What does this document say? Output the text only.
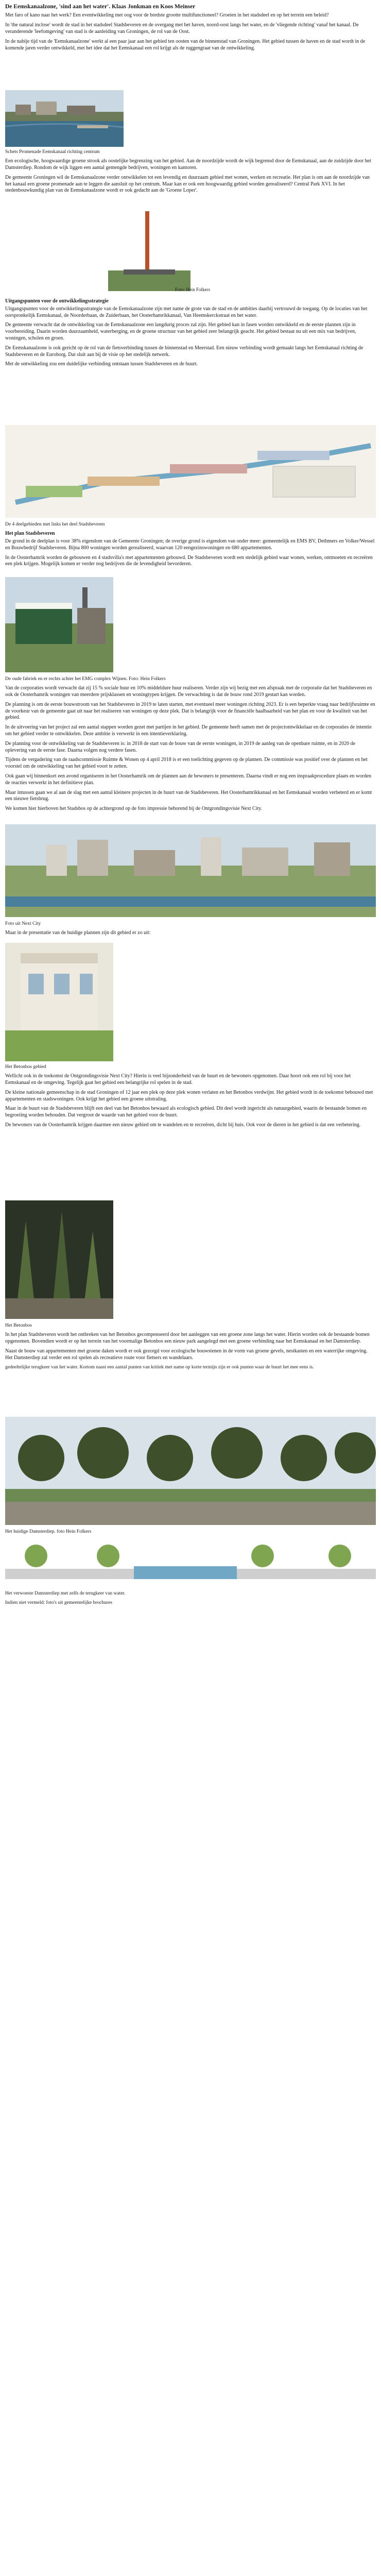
De Eemskanaalzone, 'sind aan het water'. Klaas Jonkman en Koos Meinser

Met faro of kano naar het werk? Een eventwikkeling met oog voor de bredste grootte multifunctioneel? Groeien in het stadsdeel en op het terrein een beleid?

In 'the natural inclose' wordt de stad in het stadsdeel Stadsbeveren en de overgang met het haven, noord-oost langs het water, en de 'vliegende richting' vanaf het kanaal. De veranderende 'leefomgeving' van stad is de aanleiding van Groningen, de rol van de Oost.

In de nabije tijd van de 'Eemskanaalzone' werkt al een paar jaar aan het gebied ten oosten van de binnenstad van Groningen. Het gebied tussen de haven en de stad wordt in de komende jaren verder ontwikkeld, met het idee dat het Eemskanaal een rol krijgt als de ruggengraat van de ontwikkeling.

Schets Promenade Eemskanaal richting centrum

Een ecologische, hoogwaardige groene strook als oostelijke begrenzing van het gebied. Aan de noordzijde wordt de wijk begrensd door de Eemskanaal, aan de zuidzijde door het Damsterdiep. Rondom de wijk liggen een aantal gemengde bedrijven, woningen en kantoren.

De gemeente Groningen wil de Eemskanaalzone verder ontwikkelen tot een levendig en duurzaam gebied met wonen, werken en recreatie. Het plan is om aan de noordzijde van het kanaal een groene promenade aan te leggen die aansluit op het centrum. Maar kan er ook een hoogwaardig gebied worden gerealiseerd? Central Park XVI. In het stedenbouwkundig plan van de Eemskanaalzone wordt er ook gedacht aan de 'Groene Loper'.

Foto: Hein Folkers

Uitgangspunten voor de ontwikkelingsstrategie

Uitgangspunten voor de ontwikkelingsstrategie van de Eemskanaalzone zijn met name de grote van de stad en de ambities daarbij vertrouwd de toegang. Op de locaties van het oorspronkelijk Eemskanaal, de Noorderbaan, de Zuiderbaan, het Oosterhamrikkanaal, Van Heemskerckstraat en het water.

De gemeente verwacht dat de ontwikkeling van de Eemskanaalzone een langdurig proces zal zijn. Het gebied kan in fasen worden ontwikkeld en de eerste plannen zijn in voorbereiding. Daarin worden duurzaamheid, waterberging, en de groene structuur van het gebied zeer belangrijk geacht. Het gebied bestaat nu uit een mix van bedrijven, woningen, scholen en groen.

De Eemskanaalzone is ook gericht op de rol van de fietsverbinding tussen de binnenstad en Meerstad. Een nieuw verbinding wordt gemaakt langs het Eemskanaal richting de Stadsbeveren en de Euroborg. Dat sluit aan bij de visie op het stedelijk netwerk.

Met de ontwikkeling zou een duidelijke verbinding ontstaan tussen Stadsbeveren en de buurt.

De 4 deelgebieden met links het deel Stadsbeveren

Het plan Stadsbeveren

De grond in de deelplan is voor 38% eigendom van de Gemeente Groningen; de overige grond is eigendom van onder meer: gemeentelijk en EMS BV, Dethmers en Volker/Wessel en Bouwbedrijf Stadsbeveren. Bijna 800 woningen worden gerealiseerd, waarvan 120 eengezinswoningen en 680 appartementen.

In de Oosterhamrik worden de gebouwen en 4 stadsvilla's met appartementen gebouwd. De Stadsbeveren wordt een stedelijk gebied waar wonen, werken, ontmoeten en recreëren een plek krijgen. Mogelijk komen er verder nog bedrijven die de levendigheid bevorderen.

De oude fabriek en er rechts achter het EMG complex Wijnen. Foto: Hein Folkers

Van de corporaties wordt verwacht dat zij 15 % sociale huur en 10% middeldure huur realiseren. Verder zijn wij bezig met een afspraak met de corporatie dat het Stadsbeveren en ook de Oosterhamrik woningen van meerdere prijsklassen en woningtypen krijgen. De verwachting is dat de bouw rond 2019 gestart kan worden.

De planning is om de eerste bouwstroom van het Stadsbeveren in 2019 te laten starten, met eventueel meer woningen richting 2023. Er is een beperkte vraag naar bedrijfsruimte en de voorkeur van de gemeente gaat uit naar het realiseren van woningen op deze plek. Dat is belangrijk voor de financiële haalbaarheid van het plan en voor de kwaliteit van het gebied.

In de uitvoering van het project zal een aantal stappen worden gezet met partijen in het gebied. De gemeente heeft samen met de projectontwikkelaar en de corporaties de intentie om het gebied verder te ontwikkelen. Deze ambitie is verwerkt in een intentieverklaring.

De planning voor de ontwikkeling van de Stadsbeveren is: in 2018 de start van de bouw van de eerste woningen, in 2019 de aanleg van de openbare ruimte, en in 2020 de oplevering van de eerste fase. Daarna volgen nog verdere fasen.

Tijdens de vergadering van de raadscommissie Ruimte & Wonen op 4 april 2018 is er een toelichting gegeven op de plannen. De commissie was positief over de plannen en het voorstel om de ontwikkeling van het gebied voort te zetten.

Ook gaan wij binnenkort een avond organiseren in het Oosterhamrik om de plannen aan de bewoners te presenteren. Daarna vindt er nog een inspraakprocedure plaats en worden de reacties verwerkt in het definitieve plan.

Maar intussen gaan we al aan de slag met een aantal kleinere projecten in de buurt van de Stadsbeveren. Het Oosterhamrikkanaal en het Eemskanaal worden verbeterd en er komt een nieuwe fietsbrug.

We komen hier hierboven het Stadsbos op de achtergrond op de foto impressie behorend bij de Ontgrondingsvisie Next City.

Foto uit Next City

Maar in de presentatie van de huidige plannen zijn dit gebied er zo uit:

Het Betonbos gebied

Wellicht ook in de toekomst de Ontgrondingsvisie Next City? Hierin is veel bijzonderheid van de buurt en de bewoners opgenomen. Daar hoort ook een rol bij voor het Eemskanaal en de omgeving. Tegelijk gaat het gebied een belangrijke rol spelen in de stad.

De kleine nationale gemeenschap in de stad Groningen of 12 jaar een plek op deze plek wonen verlaten en het Betonbos verdwijnt. Het gebied wordt in de toekomst bebouwd met appartementen en stadswoningen. Ook krijgt het gebied een groene uitstraling.

Maar in de buurt van de Stadsbeveren blijft een deel van het Betonbos bewaard als ecologisch gebied. Dit deel wordt ingericht als natuurgebied, waarin de bestaande bomen en begroeiing worden behouden. Dat vergroot de waarde van het gebied voor de buurt.

De bewoners van de Oosterhamrik krijgen daarmee een nieuw gebied om te wandelen en te recreëren, dicht bij huis. Ook voor de dieren in het gebied is dat een verbetering.

Het Betonbos

In het plan Stadsbeveren wordt het ontbreken van het Betonbos gecompenseerd door het aanleggen van een groene zone langs het water. Hierin worden ook de bestaande bomen opgenomen. Bovendien wordt er op het terrein van het voormalige Betonbos een nieuw park aangelegd met een groene verbinding naar het Eemskanaal en het Damsterdiep.

Naast de bouw van appartementen met groene daken wordt er ook gezorgd voor ecologische bouwstenen in de vorm van groene gevels, nestkasten en een waterrijke omgeving. Het Damsterdiep zal verder een rol spelen als recreatieve route voor fietsers en wandelaars.

gedeeltelijke terugkeer van het water. Kortom naast een aantal punten van kritiek met name op korte termijn zijn er ook punten waar de buurt het mee eens is.

Het huidige Damsterdiep. foto Hein Folkers

Het verwoeste Damsterdiep met zelfs de terugkeer van water.

Indien niet vermeld: foto's uit gemeentelijke brochures
